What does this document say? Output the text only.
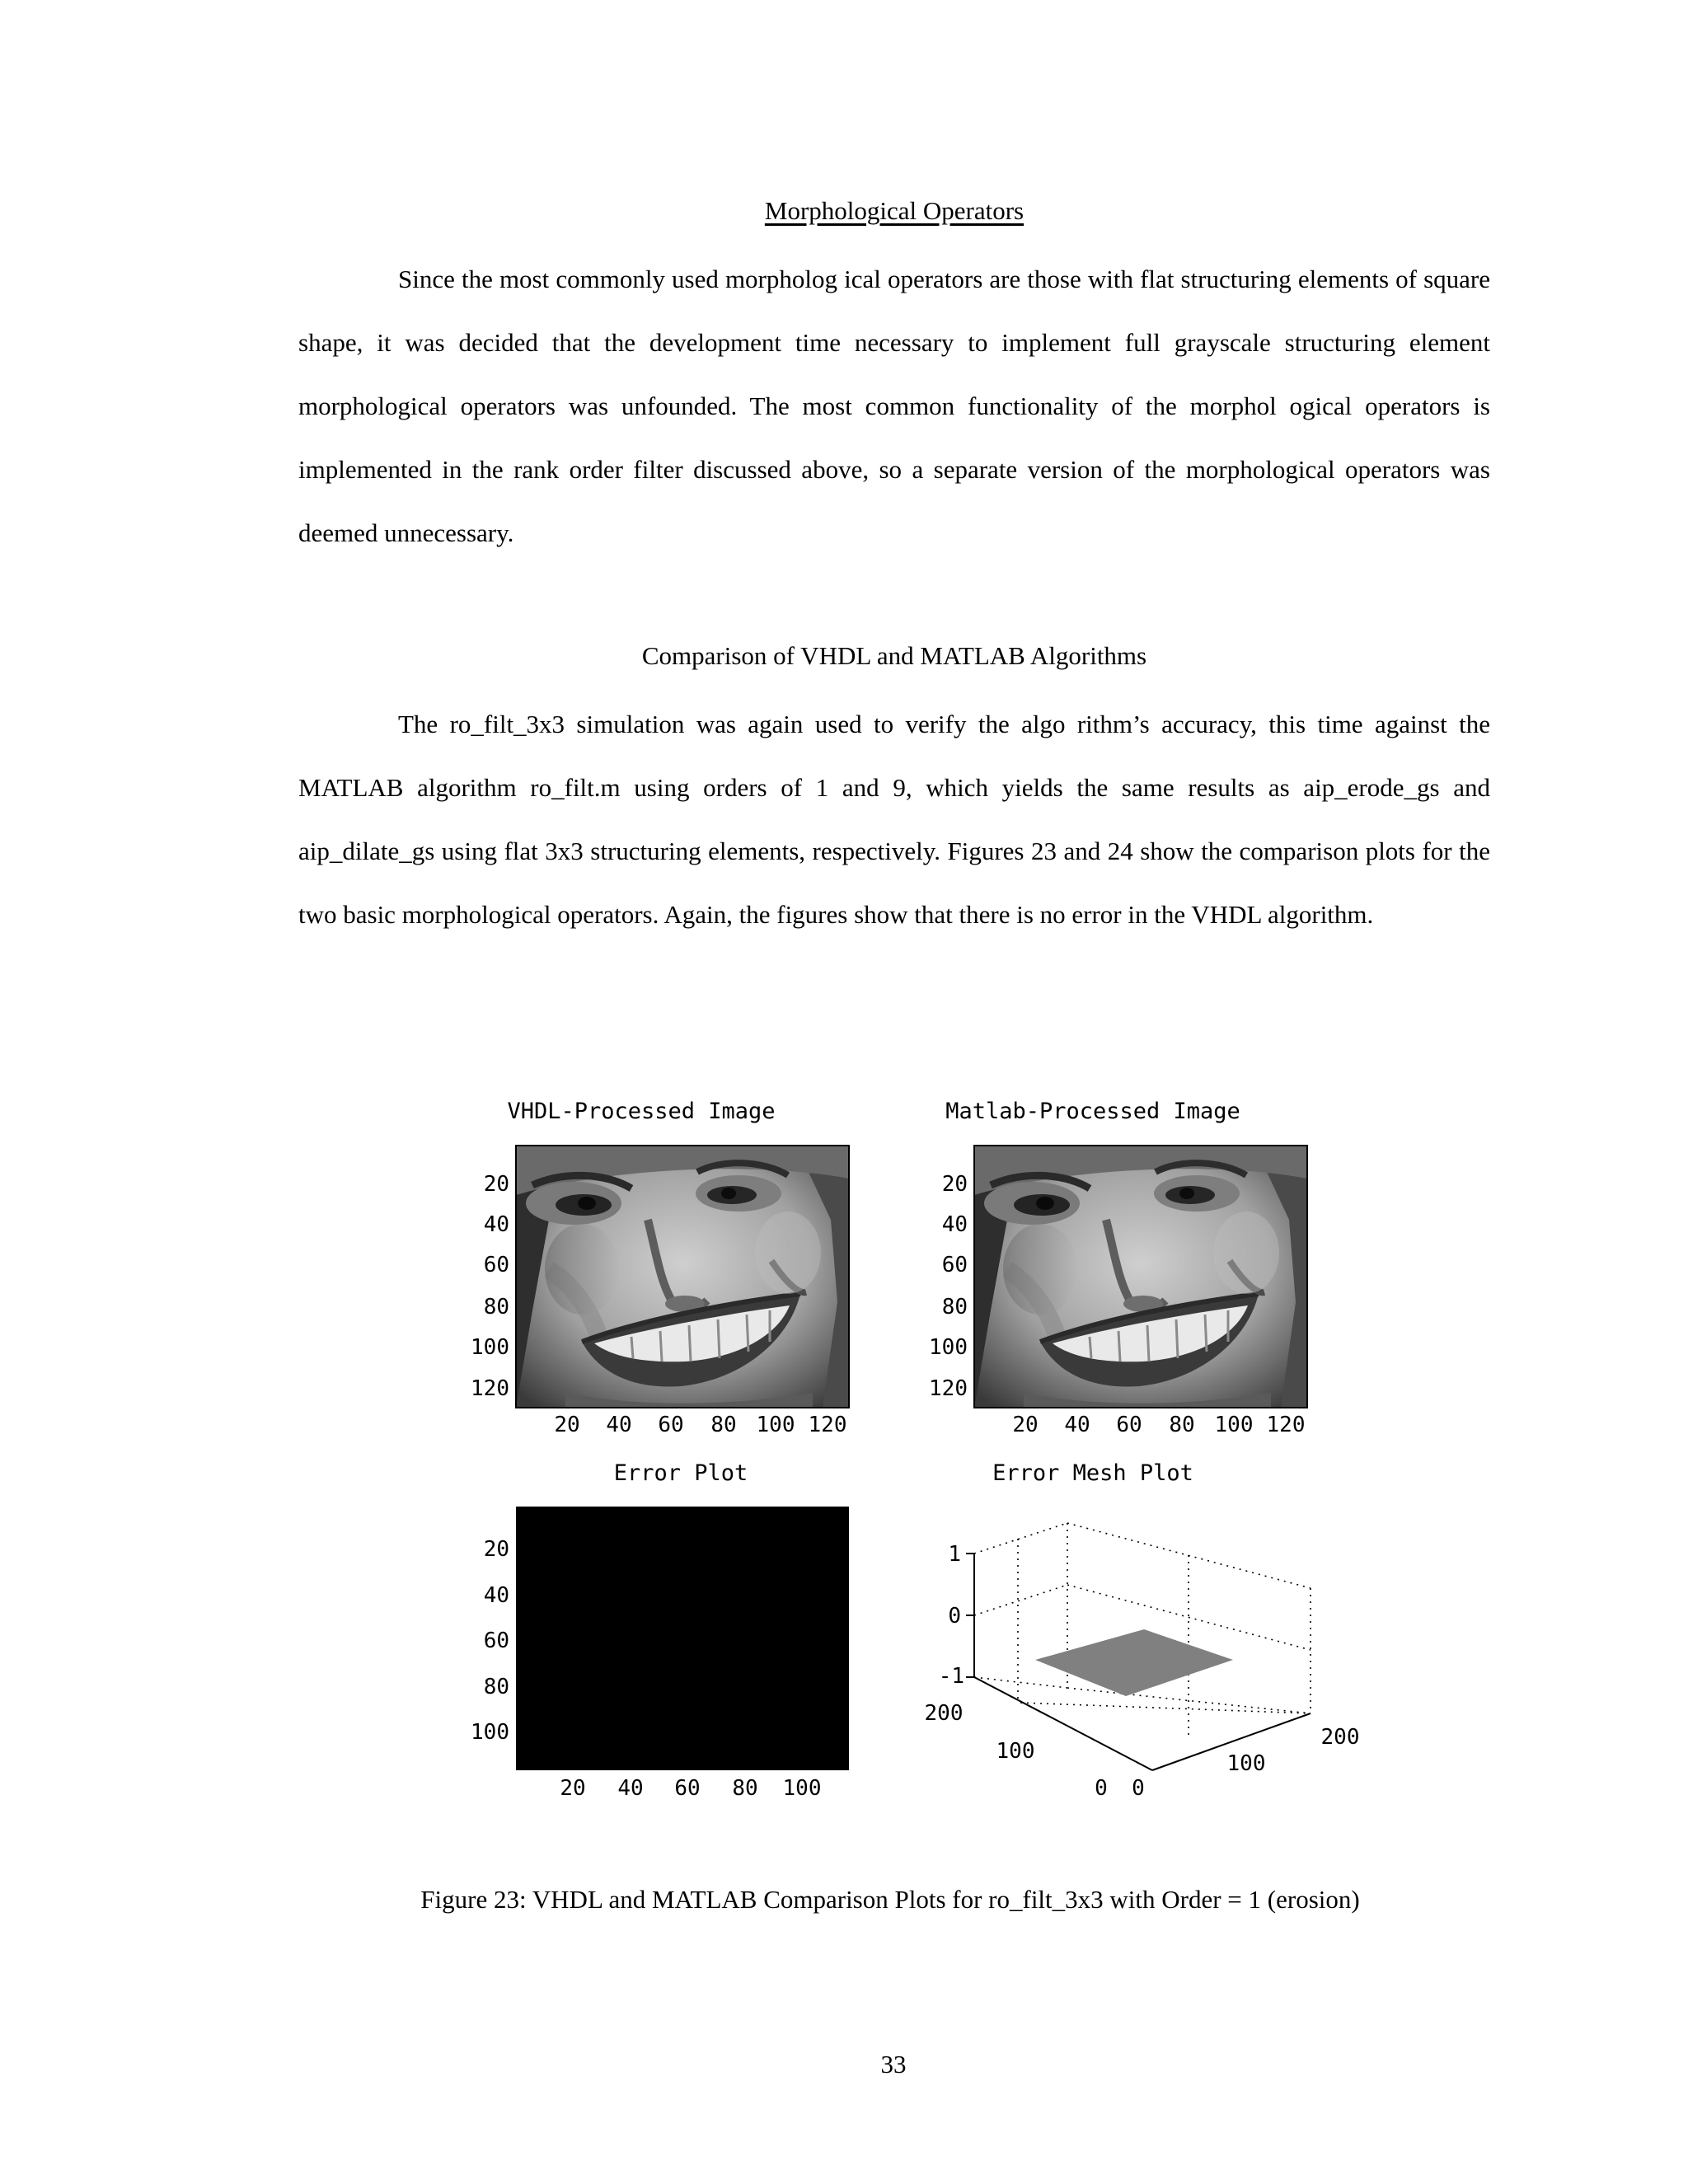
Morphological Operators

Since the most commonly used morpholog ical operators are those with flat structuring elements of square shape, it was decided that the development time necessary to implement full grayscale structuring element morphological operators was unfounded. The most common functionality of the morphol ogical operators is implemented in the rank order filter discussed above, so a separate version of the morphological operators was deemed unnecessary.

Comparison of VHDL and MATLAB Algorithms

The ro_filt_3x3 simulation was again used to verify the algo rithm’s accuracy, this time against the MATLAB algorithm ro_filt.m using orders of 1 and 9, which yields the same results as aip_erode_gs and aip_dilate_gs using flat 3x3 structuring elements, respectively. Figures 23 and 24 show the comparison plots for the two basic morphological operators. Again, the figures show that there is no error in the VHDL algorithm.

VHDL-Processed Image
20
40
60
80
100
120
20 40 60 80 100 120
Matlab-Processed Image
20
40
60
80
100
120
20 40 60 80 100 120
Error Plot
20
40
60
80
100
20 40 60 80 100
Error Mesh Plot
1
0
-1
200
100
0 0
100
200
Figure 23: VHDL and MATLAB Comparison Plots for ro_filt_3x3 with Order = 1 (erosion)
33
